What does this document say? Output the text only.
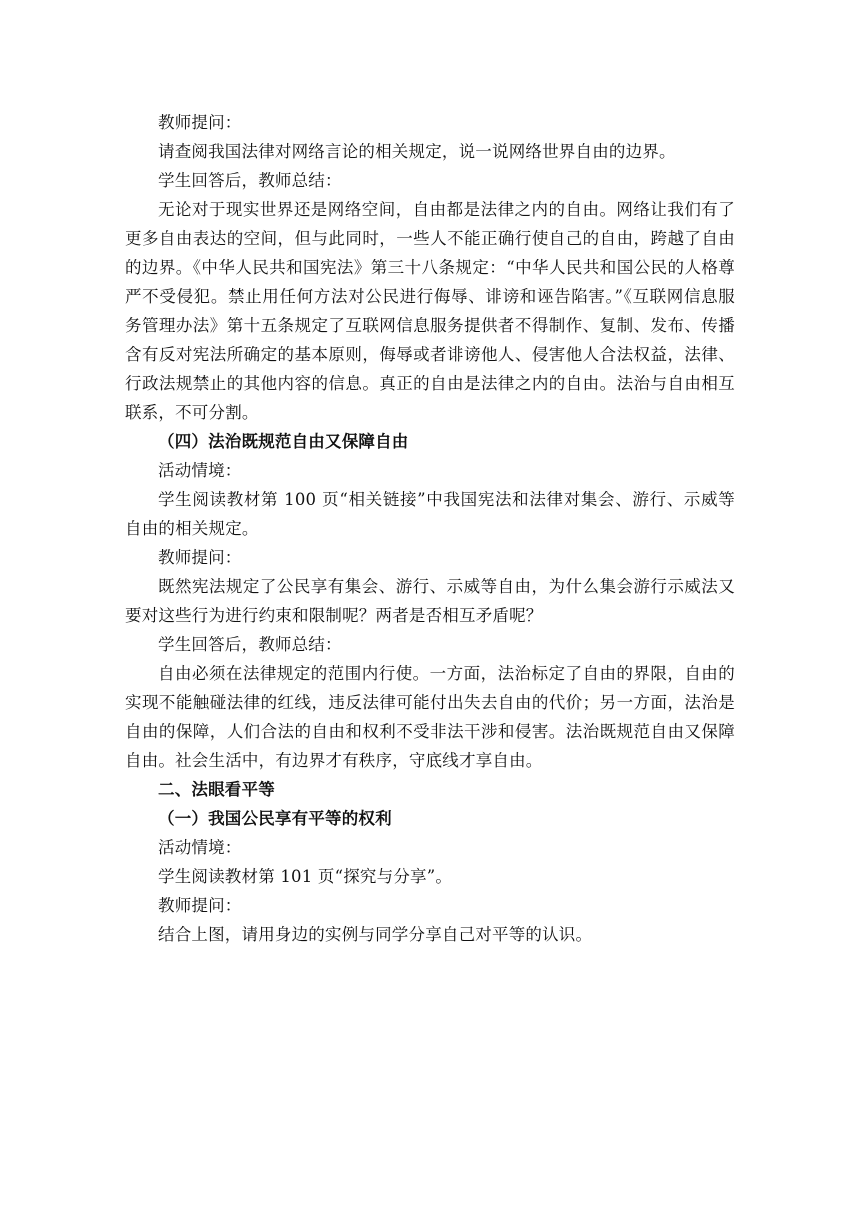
教师提问：

请查阅我国法律对网络言论的相关规定，说一说网络世界自由的边界。

学生回答后，教师总结：

无论对于现实世界还是网络空间，自由都是法律之内的自由。网络让我们有了更多自由表达的空间，但与此同时，一些人不能正确行使自己的自由，跨越了自由的边界。《中华人民共和国宪法》第三十八条规定：“中华人民共和国公民的人格尊严不受侵犯。禁止用任何方法对公民进行侮辱、诽谤和诬告陷害。”《互联网信息服务管理办法》第十五条规定了互联网信息服务提供者不得制作、复制、发布、传播含有反对宪法所确定的基本原则，侮辱或者诽谤他人、侵害他人合法权益，法律、行政法规禁止的其他内容的信息。真正的自由是法律之内的自由。法治与自由相互联系，不可分割。

（四）法治既规范自由又保障自由

活动情境：

学生阅读教材第 100 页“相关链接”中我国宪法和法律对集会、游行、示威等自由的相关规定。

教师提问：

既然宪法规定了公民享有集会、游行、示威等自由，为什么集会游行示威法又要对这些行为进行约束和限制呢？两者是否相互矛盾呢？

学生回答后，教师总结：

自由必须在法律规定的范围内行使。一方面，法治标定了自由的界限，自由的实现不能触碰法律的红线，违反法律可能付出失去自由的代价；另一方面，法治是自由的保障，人们合法的自由和权利不受非法干涉和侵害。法治既规范自由又保障自由。社会生活中，有边界才有秩序，守底线才享自由。

二、法眼看平等

（一）我国公民享有平等的权利

活动情境：

学生阅读教材第 101 页“探究与分享”。

教师提问：

结合上图，请用身边的实例与同学分享自己对平等的认识。
